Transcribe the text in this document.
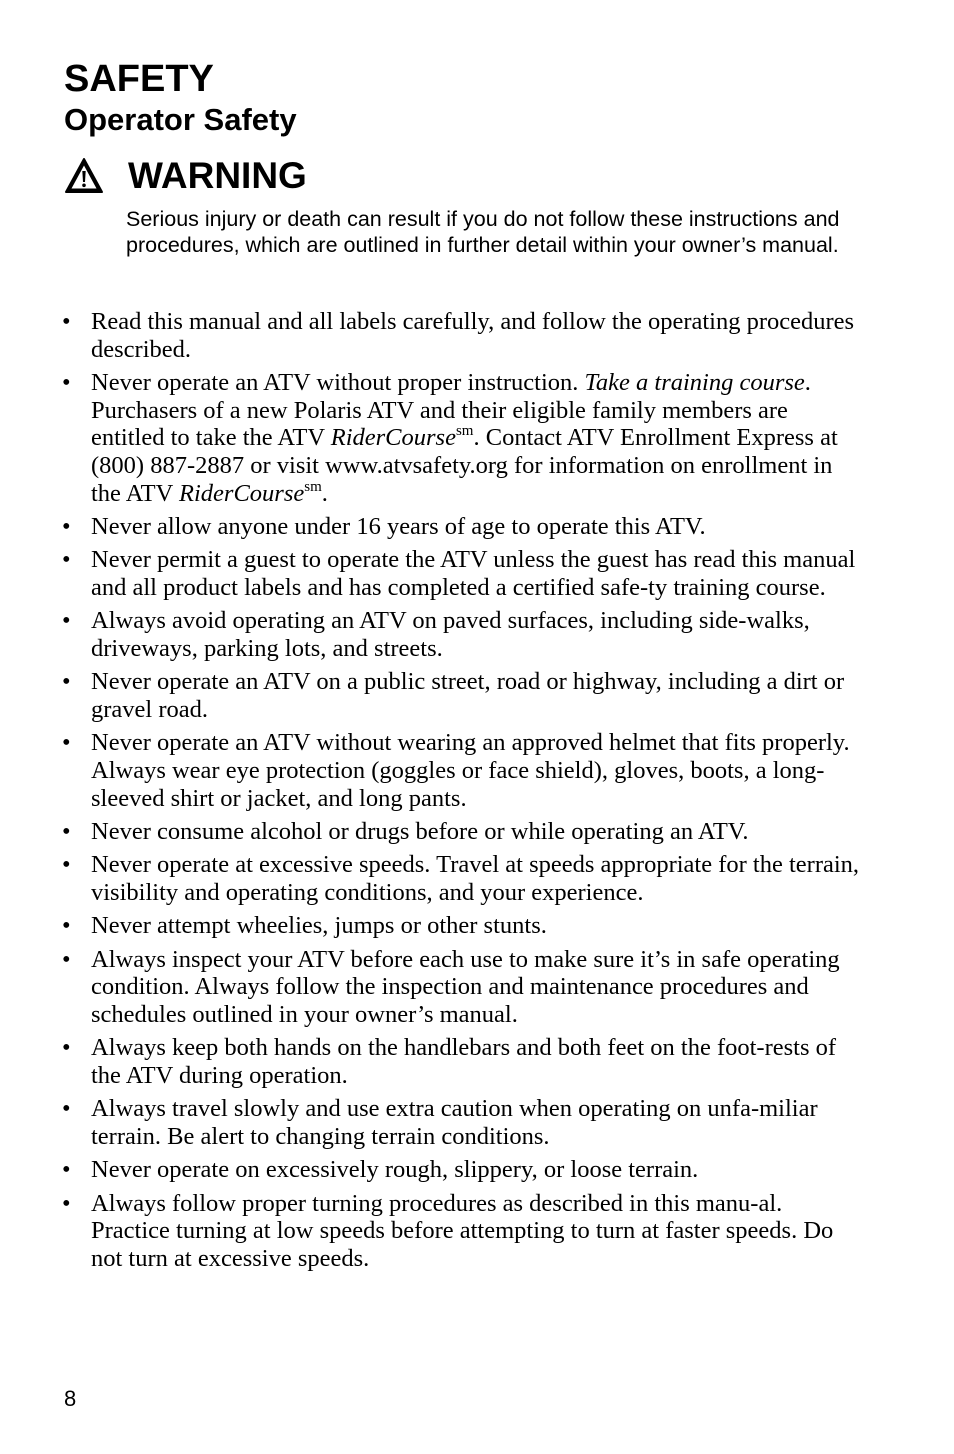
SAFETY
Operator Safety
WARNING

Serious injury or death can result if you do not follow these instructions and procedures, which are outlined in further detail within your owner’s manual.

• Read this manual and all labels carefully, and follow the operating procedures described.
• Never operate an ATV without proper instruction. Take a training course. Purchasers of a new Polaris ATV and their eligible family members are entitled to take the ATV RiderCourse$^{sm}$. Contact ATV Enrollment Express at (800) 887-2887 or visit www.atvsafety.org for information on enrollment in the ATV RiderCourse$^{sm}$.
• Never allow anyone under 16 years of age to operate this ATV.
• Never permit a guest to operate the ATV unless the guest has read this manual and all product labels and has completed a certified safe-ty training course.
• Always avoid operating an ATV on paved surfaces, including side-walks, driveways, parking lots, and streets.
• Never operate an ATV on a public street, road or highway, including a dirt or gravel road.
• Never operate an ATV without wearing an approved helmet that fits properly. Always wear eye protection (goggles or face shield), gloves, boots, a long-sleeved shirt or jacket, and long pants.
• Never consume alcohol or drugs before or while operating an ATV.
• Never operate at excessive speeds. Travel at speeds appropriate for the terrain, visibility and operating conditions, and your experience.
• Never attempt wheelies, jumps or other stunts.
• Always inspect your ATV before each use to make sure it’s in safe operating condition. Always follow the inspection and maintenance procedures and schedules outlined in your owner’s manual.
• Always keep both hands on the handlebars and both feet on the foot-rests of the ATV during operation.
• Always travel slowly and use extra caution when operating on unfa-miliar terrain. Be alert to changing terrain conditions.
• Never operate on excessively rough, slippery, or loose terrain.
• Always follow proper turning procedures as described in this manu-al. Practice turning at low speeds before attempting to turn at faster speeds. Do not turn at excessive speeds.
8
